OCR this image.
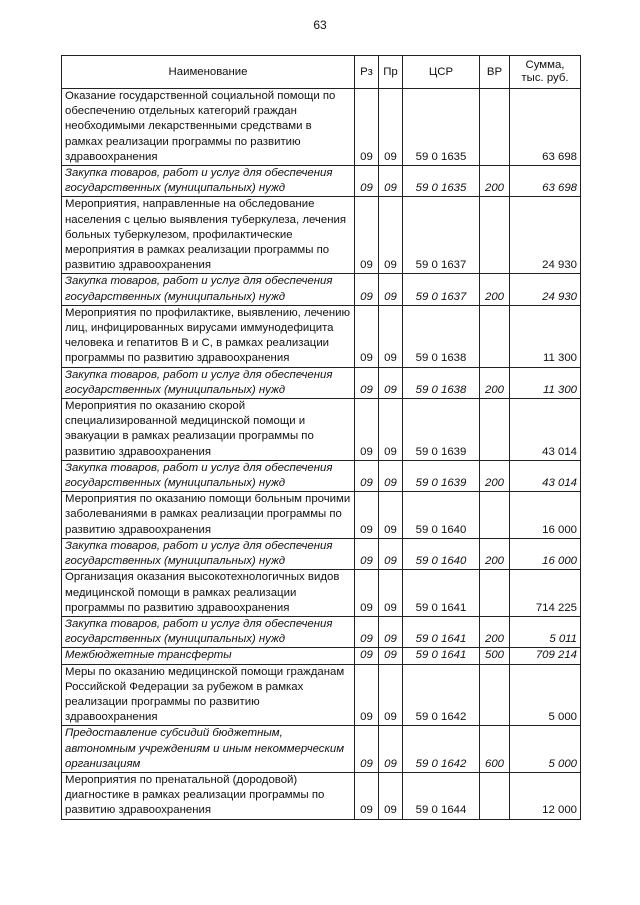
63
Наименование	Рз	Пр	ЦСР	ВР	Сумма, тыс. руб.
Оказание государственной социальной помощи по обеспечению отдельных категорий граждан необходимыми лекарственными средствами в рамках реализации программы по развитию здравоохранения	09	09	59 0 1635		63 698
Закупка товаров, работ и услуг для обеспечения государственных (муниципальных) нужд	09	09	59 0 1635	200	63 698
Мероприятия, направленные на обследование населения с целью выявления туберкулеза, лечения больных туберкулезом, профилактические мероприятия в рамках реализации программы по развитию здравоохранения	09	09	59 0 1637		24 930
Закупка товаров, работ и услуг для обеспечения государственных (муниципальных) нужд	09	09	59 0 1637	200	24 930
Мероприятия по профилактике, выявлению, лечению лиц, инфицированных вирусами иммунодефицита человека и гепатитов В и С, в рамках реализации программы по развитию здравоохранения	09	09	59 0 1638		11 300
Закупка товаров, работ и услуг для обеспечения государственных (муниципальных) нужд	09	09	59 0 1638	200	11 300
Мероприятия по оказанию скорой специализированной медицинской помощи и эвакуации в рамках реализации программы по развитию здравоохранения	09	09	59 0 1639		43 014
Закупка товаров, работ и услуг для обеспечения государственных (муниципальных) нужд	09	09	59 0 1639	200	43 014
Мероприятия по оказанию помощи больным прочими заболеваниями в рамках реализации программы по развитию здравоохранения	09	09	59 0 1640		16 000
Закупка товаров, работ и услуг для обеспечения государственных (муниципальных) нужд	09	09	59 0 1640	200	16 000
Организация оказания высокотехнологичных видов медицинской помощи в рамках реализации программы по развитию здравоохранения	09	09	59 0 1641		714 225
Закупка товаров, работ и услуг для обеспечения государственных (муниципальных) нужд	09	09	59 0 1641	200	5 011
Межбюджетные трансферты	09	09	59 0 1641	500	709 214
Меры по оказанию медицинской помощи гражданам Российской Федерации за рубежом в рамках реализации программы по развитию здравоохранения	09	09	59 0 1642		5 000
Предоставление субсидий бюджетным, автономным учреждениям и иным некоммерческим организациям	09	09	59 0 1642	600	5 000
Мероприятия по пренатальной (дородовой) диагностике в рамках реализации программы по развитию здравоохранения	09	09	59 0 1644		12 000
